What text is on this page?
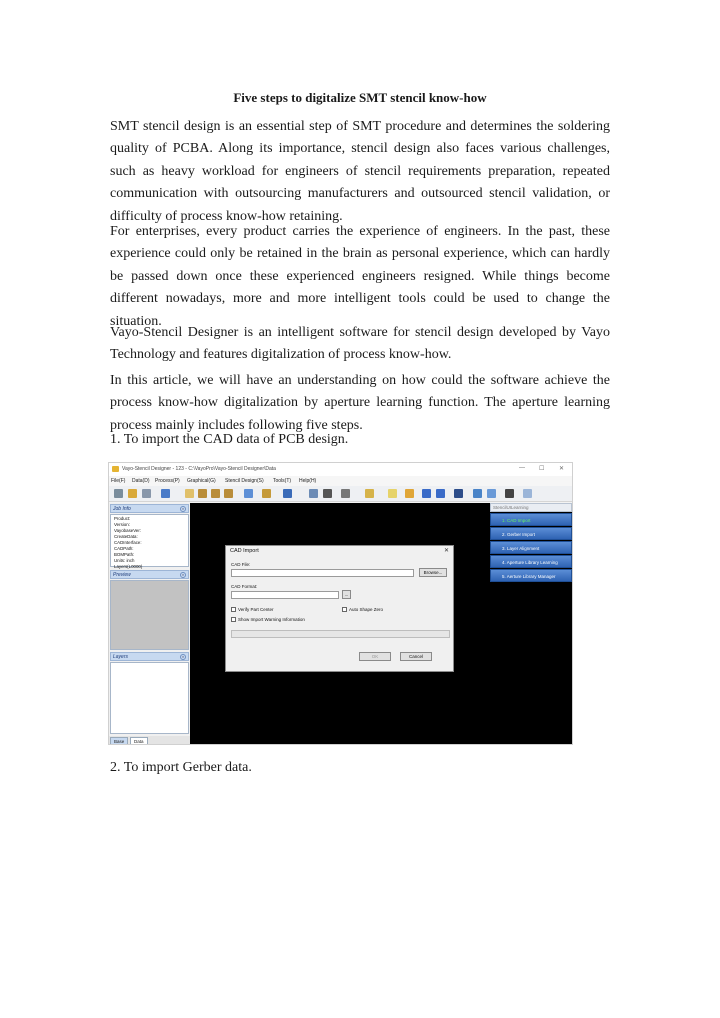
Five steps to digitalize SMT stencil know-how

SMT stencil design is an essential step of SMT procedure and determines the soldering quality of PCBA. Along its importance, stencil design also faces various challenges, such as heavy workload for engineers of stencil requirements preparation, repeated communication with outsourcing manufacturers and outsourced stencil validation, or difficulty of process know-how retaining.

For enterprises, every product carries the experience of engineers. In the past, these experience could only be retained in the brain as personal experience, which can hardly be passed down once these experienced engineers resigned. While things become different nowadays, more and more intelligent tools could be used to change the situation.

Vayo-Stencil Designer is an intelligent software for stencil design developed by Vayo Technology and features digitalization of process know-how.

In this article, we will have an understanding on how could the software achieve the process know-how digitalization by aperture learning function. The aperture learning process mainly includes following five steps.

1. To import the CAD data of PCB design.
Vayo-Stencil Designer - 123 - C:\VayoPro\Vayo-Stencil Designer\Data	— ☐ ✕
File(F) Data(D) Process(P) Graphical(G) Stencil Design(S) Tools(T) Help(H)
Job Info	×
Product:
Version:
VayobaseVer:
CreateData:
CADInterface:
CADPath:
BOMPath:
Units: inch
Layers(L0000)
Preview	×
Layers	×
Base	Data
StencilUILearning
1. CAD Import
2. Gerber Import
3. Layer Alignment
4. Aperture Library Learning
5. Aerture Library Manager
CAD Import	✕
CAD File:
Browse...
CAD Format:
...
Verify Part Center	Auto Shape Zero
Show Import Warning Information
OK	Cancel
2. To import Gerber data.
